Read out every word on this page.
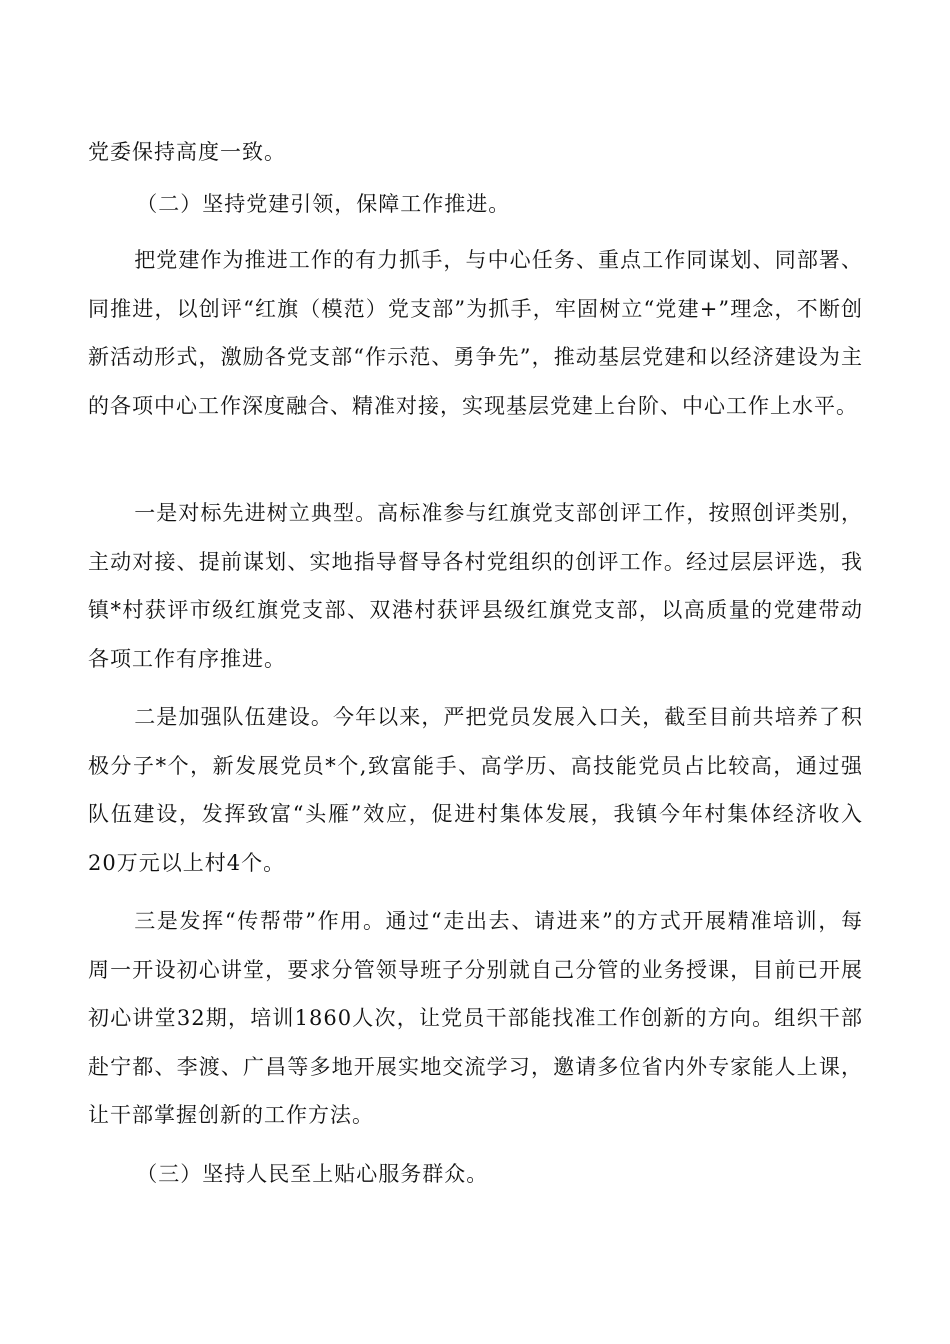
党委保持高度一致。

（二）坚持党建引领，保障工作推进。

把党建作为推进工作的有力抓手，与中心任务、重点工作同谋划、同部署、同推进，以创评“红旗（模范）党支部”为抓手，牢固树立“党建+”理念，不断创新活动形式，激励各党支部“作示范、勇争先”，推动基层党建和以经济建设为主的各项中心工作深度融合、精准对接，实现基层党建上台阶、中心工作上水平。

一是对标先进树立典型。高标准参与红旗党支部创评工作，按照创评类别，主动对接、提前谋划、实地指导督导各村党组织的创评工作。经过层层评选，我镇*村获评市级红旗党支部、双港村获评县级红旗党支部，以高质量的党建带动各项工作有序推进。

二是加强队伍建设。今年以来，严把党员发展入口关，截至目前共培养了积极分子*个，新发展党员*个,致富能手、高学历、高技能党员占比较高，通过强队伍建设，发挥致富“头雁”效应，促进村集体发展，我镇今年村集体经济收入20万元以上村4个。

三是发挥“传帮带”作用。通过“走出去、请进来”的方式开展精准培训，每周一开设初心讲堂，要求分管领导班子分别就自己分管的业务授课，目前已开展初心讲堂32期，培训1860人次，让党员干部能找准工作创新的方向。组织干部赴宁都、李渡、广昌等多地开展实地交流学习，邀请多位省内外专家能人上课，让干部掌握创新的工作方法。

（三）坚持人民至上贴心服务群众。
